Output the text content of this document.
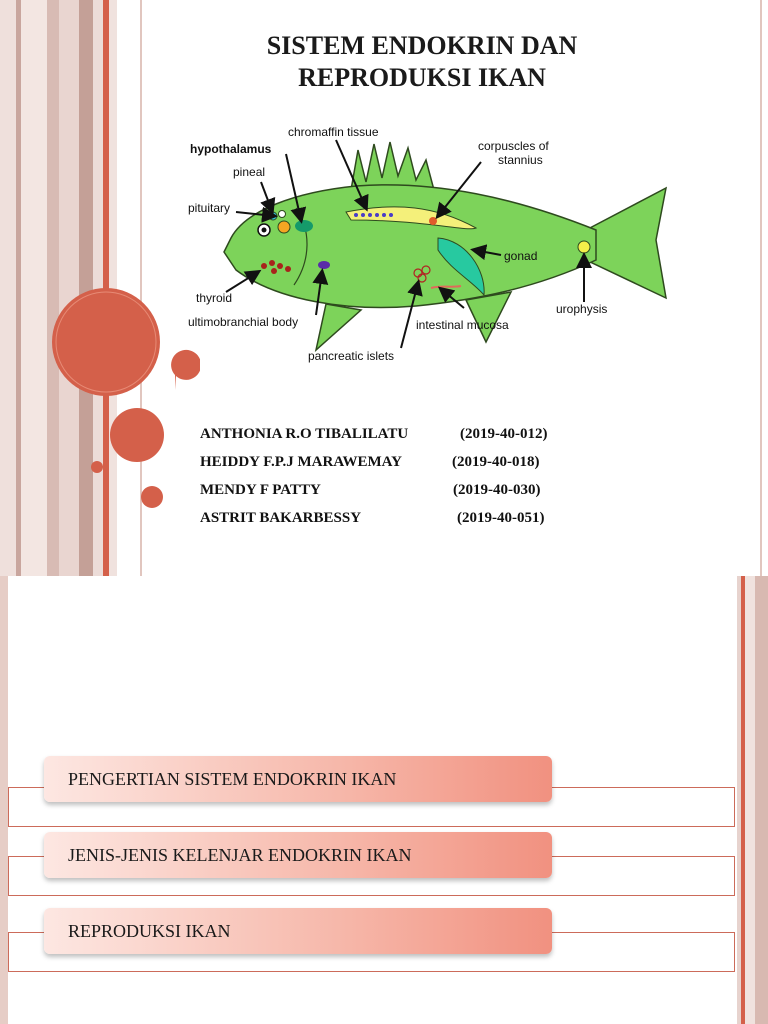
SISTEM ENDOKRIN DAN
REPRODUKSI IKAN
chromaffin tissue
hypothalamus	corpuscles of
stannius
pineal
pituitary
gonad
thyroid
urophysis
ultimobranchial body	intestinal mucosa
pancreatic islets
ANTHONIA R.O TIBALILATU	(2019-40-012)
HEIDDY F.P.J MARAWEMAY	(2019-40-018)
MENDY F PATTY	(2019-40-030)
ASTRIT BAKARBESSY	(2019-40-051)
PENGERTIAN SISTEM ENDOKRIN IKAN
JENIS-JENIS KELENJAR ENDOKRIN IKAN
REPRODUKSI IKAN
